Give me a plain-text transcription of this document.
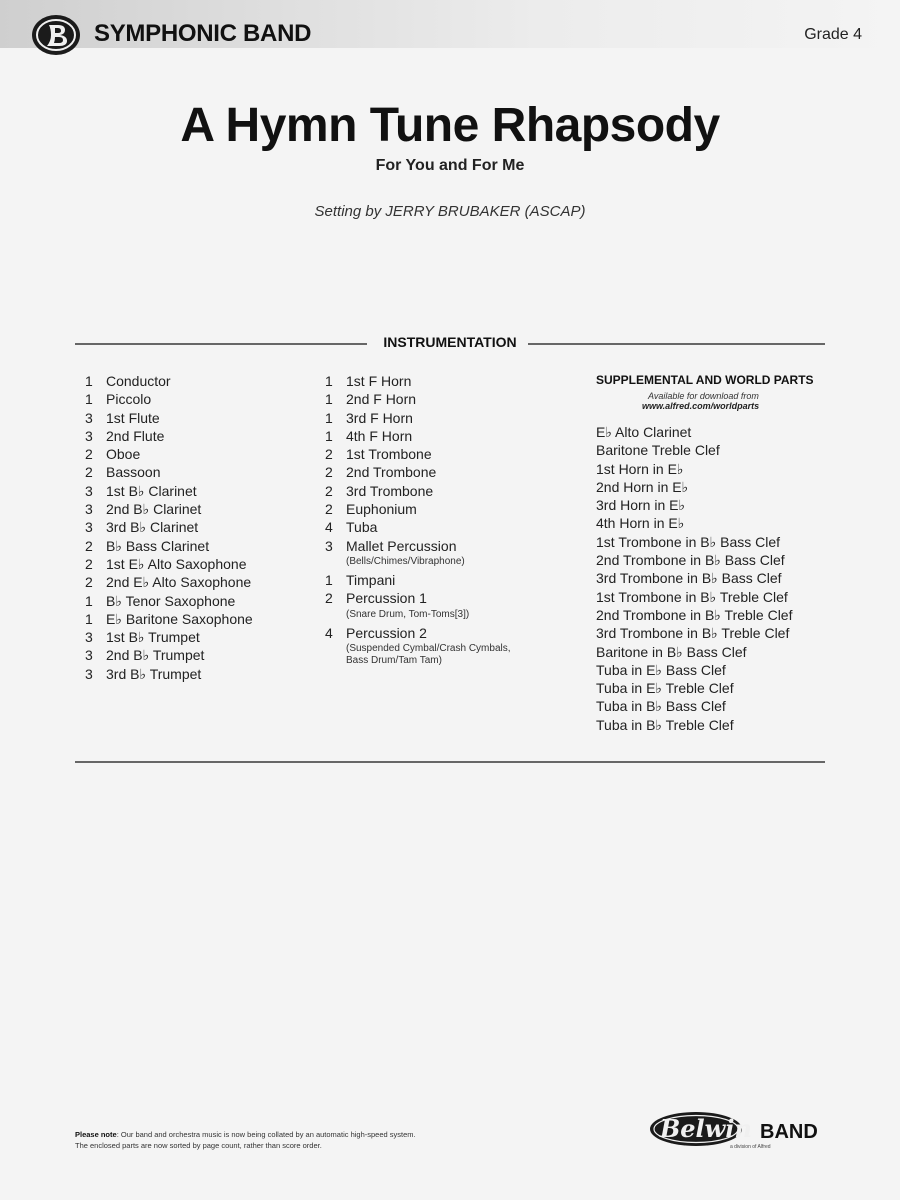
SYMPHONIC BAND	Grade 4
A Hymn Tune Rhapsody
For You and For Me
Setting by JERRY BRUBAKER (ASCAP)
INSTRUMENTATION
1 Conductor
1 Piccolo
3 1st Flute
3 2nd Flute
2 Oboe
2 Bassoon
3 1st B♭ Clarinet
3 2nd B♭ Clarinet
3 3rd B♭ Clarinet
2 B♭ Bass Clarinet
2 1st E♭ Alto Saxophone
2 2nd E♭ Alto Saxophone
1 B♭ Tenor Saxophone
1 E♭ Baritone Saxophone
3 1st B♭ Trumpet
3 2nd B♭ Trumpet
3 3rd B♭ Trumpet
1 1st F Horn
1 2nd F Horn
1 3rd F Horn
1 4th F Horn
2 1st Trombone
2 2nd Trombone
2 3rd Trombone
2 Euphonium
4 Tuba
3 Mallet Percussion
(Bells/Chimes/Vibraphone)
1 Timpani
2 Percussion 1
(Snare Drum, Tom-Toms[3])
4 Percussion 2
(Suspended Cymbal/Crash Cymbals,
Bass Drum/Tam Tam)
SUPPLEMENTAL AND WORLD PARTS
Available for download from
www.alfred.com/worldparts
E♭ Alto Clarinet
Baritone Treble Clef
1st Horn in E♭
2nd Horn in E♭
3rd Horn in E♭
4th Horn in E♭
1st Trombone in B♭ Bass Clef
2nd Trombone in B♭ Bass Clef
3rd Trombone in B♭ Bass Clef
1st Trombone in B♭ Treble Clef
2nd Trombone in B♭ Treble Clef
3rd Trombone in B♭ Treble Clef
Baritone in B♭ Bass Clef
Tuba in E♭ Bass Clef
Tuba in E♭ Treble Clef
Tuba in B♭ Bass Clef
Tuba in B♭ Treble Clef
Please note: Our band and orchestra music is now being collated by an automatic high-speed system.
The enclosed parts are now sorted by page count, rather than score order.
Belwin BAND
a division of Alfred
